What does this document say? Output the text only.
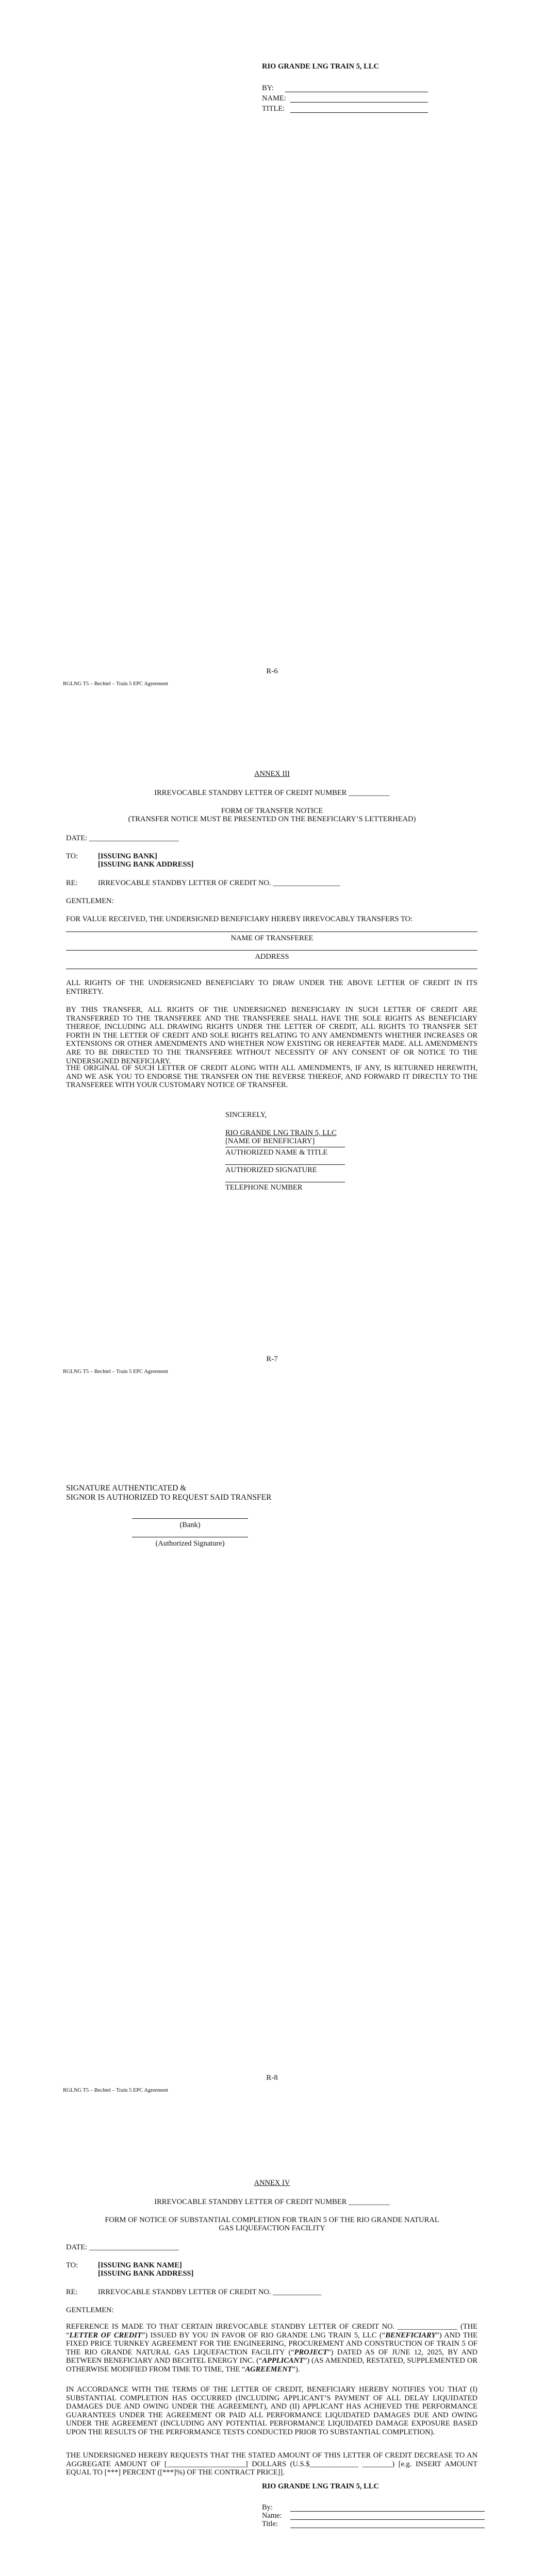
RIO GRANDE LNG TRAIN 5, LLC
BY:
NAME:
TITLE:
R-6
RGLNG T5 – Bechtel – Train 5 EPC Agreement
ANNEX III
IRREVOCABLE STANDBY LETTER OF CREDIT NUMBER ___________
FORM OF TRANSFER NOTICE
(TRANSFER NOTICE MUST BE PRESENTED ON THE BENEFICIARY’S LETTERHEAD)
DATE: ________________________
TO:	[ISSUING BANK]
[ISSUING BANK ADDRESS]
RE:	IRREVOCABLE STANDBY LETTER OF CREDIT NO. __________________
GENTLEMEN:
FOR VALUE RECEIVED, THE UNDERSIGNED BENEFICIARY HEREBY IRREVOCABLY TRANSFERS TO:
NAME OF TRANSFEREE
ADDRESS
ALL RIGHTS OF THE UNDERSIGNED BENEFICIARY TO DRAW UNDER THE ABOVE LETTER OF CREDIT IN ITS ENTIRETY.
BY THIS TRANSFER, ALL RIGHTS OF THE UNDERSIGNED BENEFICIARY IN SUCH LETTER OF CREDIT ARE TRANSFERRED TO THE TRANSFEREE AND THE TRANSFEREE SHALL HAVE THE SOLE RIGHTS AS BENEFICIARY THEREOF, INCLUDING ALL DRAWING RIGHTS UNDER THE LETTER OF CREDIT, ALL RIGHTS TO TRANSFER SET FORTH IN THE LETTER OF CREDIT AND SOLE RIGHTS RELATING TO ANY AMENDMENTS WHETHER INCREASES OR EXTENSIONS OR OTHER AMENDMENTS AND WHETHER NOW EXISTING OR HEREAFTER MADE. ALL AMENDMENTS ARE TO BE DIRECTED TO THE TRANSFEREE WITHOUT NECESSITY OF ANY CONSENT OF OR NOTICE TO THE UNDERSIGNED BENEFICIARY.
THE ORIGINAL OF SUCH LETTER OF CREDIT ALONG WITH ALL AMENDMENTS, IF ANY, IS RETURNED HEREWITH, AND WE ASK YOU TO ENDORSE THE TRANSFER ON THE REVERSE THEREOF, AND FORWARD IT DIRECTLY TO THE TRANSFEREE WITH YOUR CUSTOMARY NOTICE OF TRANSFER.
SINCERELY,
RIO GRANDE LNG TRAIN 5, LLC
[NAME OF BENEFICIARY]
AUTHORIZED NAME & TITLE
AUTHORIZED SIGNATURE
TELEPHONE NUMBER
R-7
RGLNG T5 – Bechtel – Train 5 EPC Agreement
SIGNATURE AUTHENTICATED &
SIGNOR IS AUTHORIZED TO REQUEST SAID TRANSFER
(Bank)
(Authorized Signature)
R-8
RGLNG T5 – Bechtel – Train 5 EPC Agreement
ANNEX IV
IRREVOCABLE STANDBY LETTER OF CREDIT NUMBER ___________
FORM OF NOTICE OF SUBSTANTIAL COMPLETION FOR TRAIN 5 OF THE RIO GRANDE NATURAL
GAS LIQUEFACTION FACILITY
DATE: ________________________
TO:	[ISSUING BANK NAME]
[ISSUING BANK ADDRESS]
RE:	IRREVOCABLE STANDBY LETTER OF CREDIT NO. _____________
GENTLEMEN:
REFERENCE IS MADE TO THAT CERTAIN IRREVOCABLE STANDBY LETTER OF CREDIT NO. ________________ (THE “LETTER OF CREDIT”) ISSUED BY YOU IN FAVOR OF RIO GRANDE LNG TRAIN 5, LLC (“BENEFICIARY”) AND THE FIXED PRICE TURNKEY AGREEMENT FOR THE ENGINEERING, PROCUREMENT AND CONSTRUCTION OF TRAIN 5 OF THE RIO GRANDE NATURAL GAS LIQUEFACTION FACILITY (“PROJECT”) DATED AS OF JUNE 12, 2025, BY AND BETWEEN BENEFICIARY AND BECHTEL ENERGY INC. (“APPLICANT”) (AS AMENDED, RESTATED, SUPPLEMENTED OR OTHERWISE MODIFIED FROM TIME TO TIME, THE “AGREEMENT”).
IN ACCORDANCE WITH THE TERMS OF THE LETTER OF CREDIT, BENEFICIARY HEREBY NOTIFIES YOU THAT (I) SUBSTANTIAL COMPLETION HAS OCCURRED (INCLUDING APPLICANT’S PAYMENT OF ALL DELAY LIQUIDATED DAMAGES DUE AND OWING UNDER THE AGREEMENT), AND (II) APPLICANT HAS ACHIEVED THE PERFORMANCE GUARANTEES UNDER THE AGREEMENT OR PAID ALL PERFORMANCE LIQUIDATED DAMAGES DUE AND OWING UNDER THE AGREEMENT (INCLUDING ANY POTENTIAL PERFORMANCE LIQUIDATED DAMAGE EXPOSURE BASED UPON THE RESULTS OF THE PERFORMANCE TESTS CONDUCTED PRIOR TO SUBSTANTIAL COMPLETION).
THE UNDERSIGNED HEREBY REQUESTS THAT THE STATED AMOUNT OF THIS LETTER OF CREDIT DECREASE TO AN AGGREGATE AMOUNT OF [_____________________] DOLLARS (U.S.$_____________ ________) [e.g. INSERT AMOUNT EQUAL TO [***] PERCENT ([***]%) OF THE CONTRACT PRICE]].
RIO GRANDE LNG TRAIN 5, LLC
By:
Name:
Title:
